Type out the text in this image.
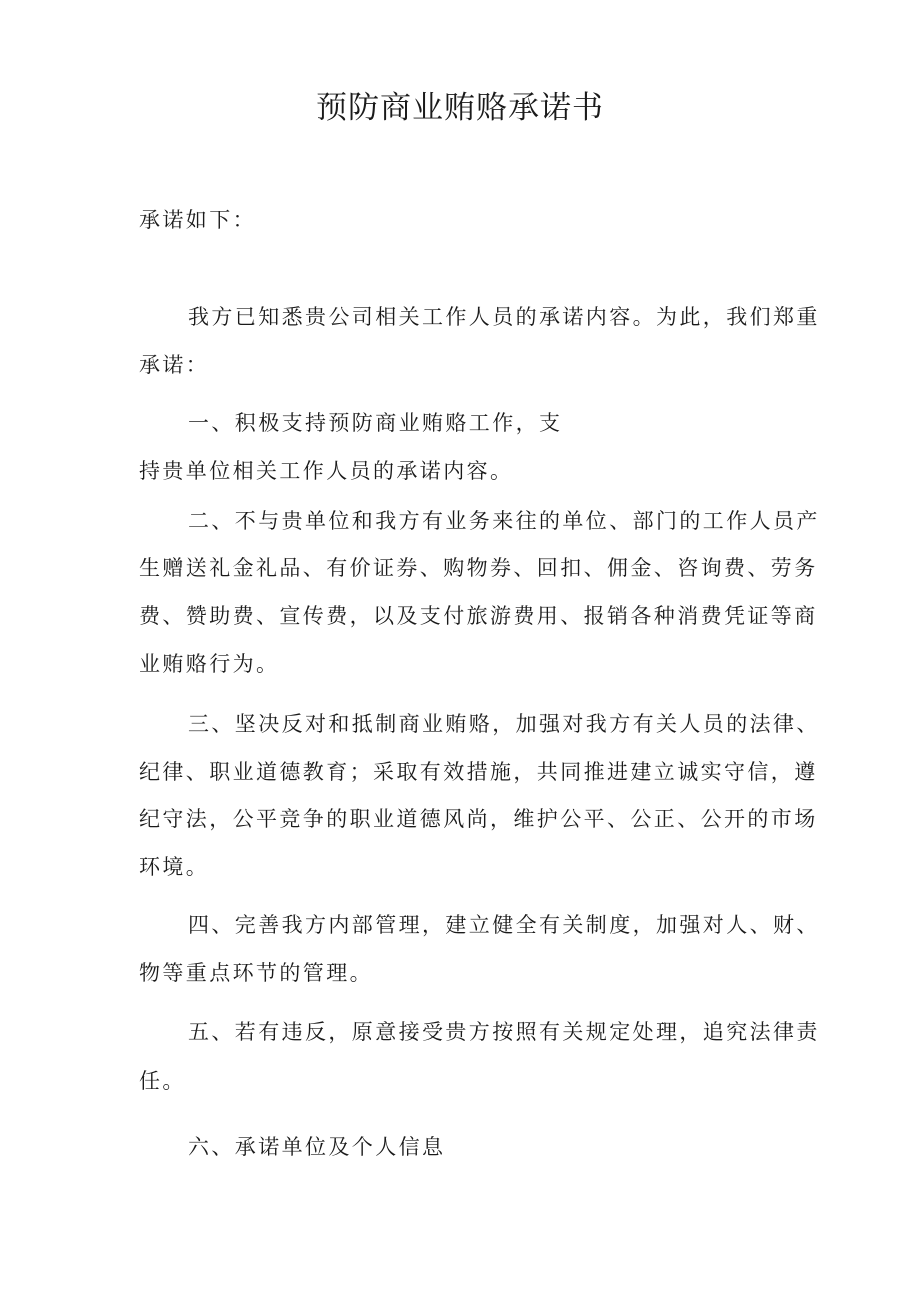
预防商业贿赂承诺书

承诺如下：

我方已知悉贵公司相关工作人员的承诺内容。为此，我们郑重

承诺：

一、积极支持预防商业贿赂工作，支

持贵单位相关工作人员的承诺内容。

二、不与贵单位和我方有业务来往的单位、部门的工作人员产

生赠送礼金礼品、有价证券、购物券、回扣、佣金、咨询费、劳务

费、赞助费、宣传费，以及支付旅游费用、报销各种消费凭证等商

业贿赂行为。

三、坚决反对和抵制商业贿赂，加强对我方有关人员的法律、

纪律、职业道德教育；采取有效措施，共同推进建立诚实守信，遵

纪守法，公平竞争的职业道德风尚，维护公平、公正、公开的市场

环境。

四、完善我方内部管理，建立健全有关制度，加强对人、财、

物等重点环节的管理。

五、若有违反，原意接受贵方按照有关规定处理，追究法律责

任。

六、承诺单位及个人信息
